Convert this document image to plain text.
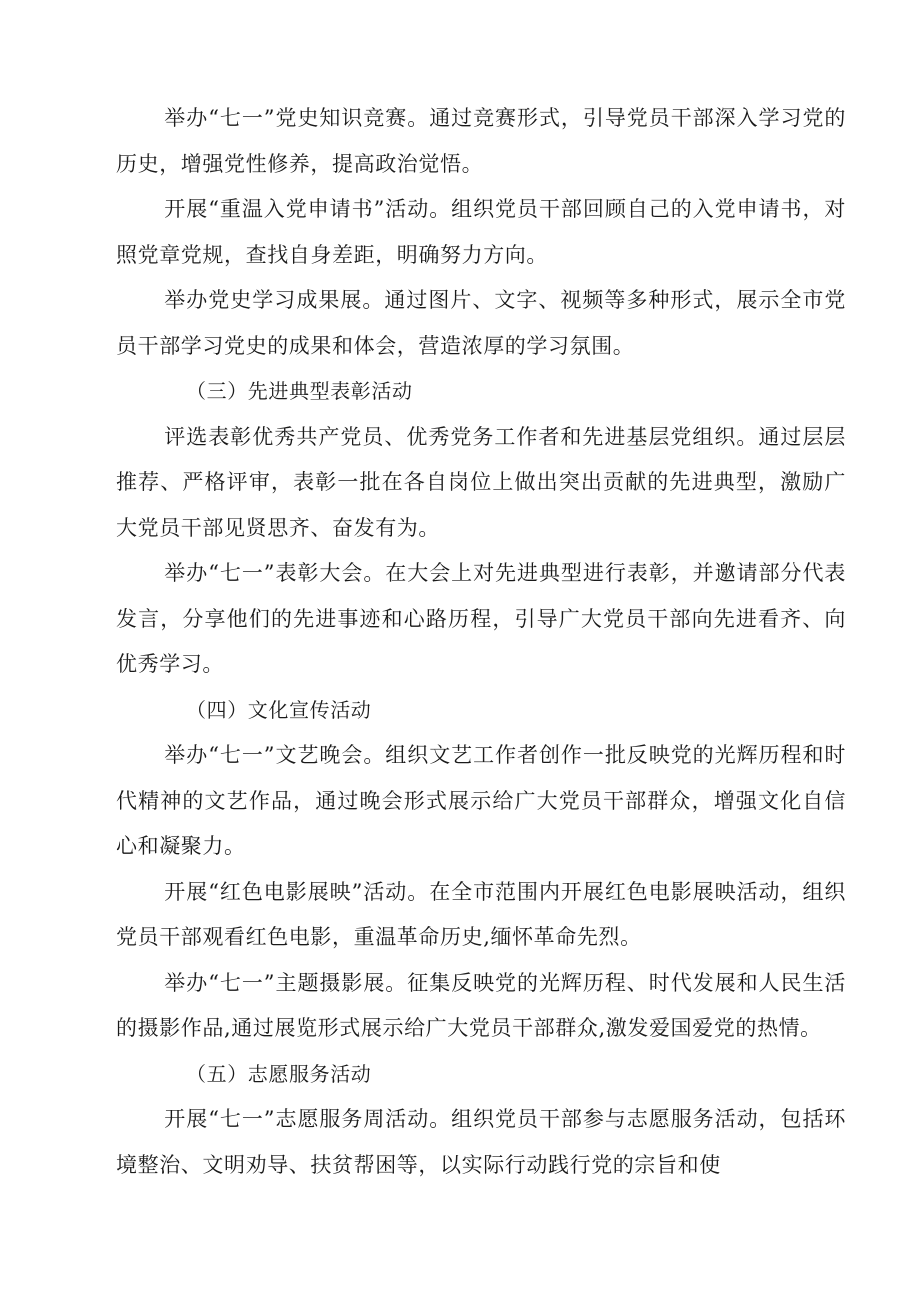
举办“七一”党史知识竞赛。通过竞赛形式，引导党员干部深入学习党的历史，增强党性修养，提高政治觉悟。

开展“重温入党申请书”活动。组织党员干部回顾自己的入党申请书，对照党章党规，查找自身差距，明确努力方向。

举办党史学习成果展。通过图片、文字、视频等多种形式，展示全市党员干部学习党史的成果和体会，营造浓厚的学习氛围。

（三）先进典型表彰活动

评选表彰优秀共产党员、优秀党务工作者和先进基层党组织。通过层层推荐、严格评审，表彰一批在各自岗位上做出突出贡献的先进典型，激励广大党员干部见贤思齐、奋发有为。

举办“七一”表彰大会。在大会上对先进典型进行表彰，并邀请部分代表发言，分享他们的先进事迹和心路历程，引导广大党员干部向先进看齐、向优秀学习。

（四）文化宣传活动

举办“七一”文艺晚会。组织文艺工作者创作一批反映党的光辉历程和时代精神的文艺作品，通过晚会形式展示给广大党员干部群众，增强文化自信心和凝聚力。

开展“红色电影展映”活动。在全市范围内开展红色电影展映活动，组织党员干部观看红色电影，重温革命历史,缅怀革命先烈。

举办“七一”主题摄影展。征集反映党的光辉历程、时代发展和人民生活的摄影作品,通过展览形式展示给广大党员干部群众,激发爱国爱党的热情。

（五）志愿服务活动

开展“七一”志愿服务周活动。组织党员干部参与志愿服务活动，包括环境整治、文明劝导、扶贫帮困等，以实际行动践行党的宗旨和使
